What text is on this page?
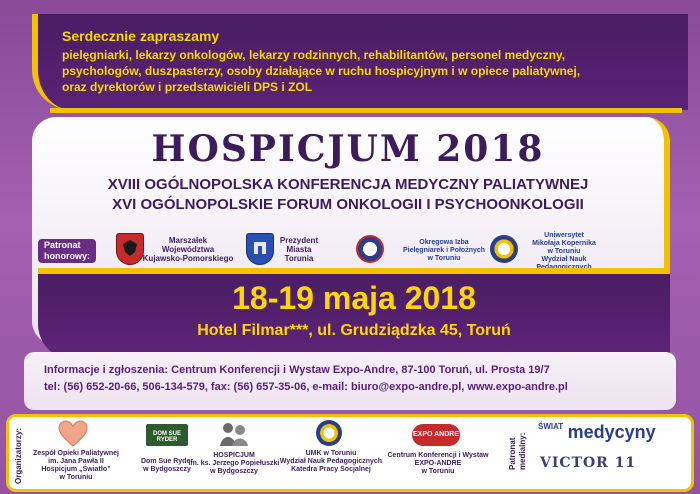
Serdecznie zapraszamy
pielęgniarki, lekarzy onkologów, lekarzy rodzinnych, rehabilitantów, personel medyczny,
psychologów, duszpasterzy, osoby działające w ruchu hospicyjnym i w opiece paliatywnej,
oraz dyrektorów i przedstawicieli DPS i ZOL
HOSPICJUM 2018
XVIII OGÓLNOPOLSKA KONFERENCJA MEDYCZNY PALIATYWNEJ
XVI OGÓLNOPOLSKIE FORUM ONKOLOGII I PSYCHOONKOLOGII
Patronat
honorowy:
Marszałek
Województwa
Kujawsko-Pomorskiego
Prezydent
Miasta
Torunia
Okręgowa Izba
Pielęgniarek i Położnych
w Toruniu
Uniwersytet
Mikołaja Kopernika
w Toruniu
Wydział Nauk
18-19 maja 2018
Hotel Filmar***, ul. Grudziądzka 45, Toruń
Informacje i zgłoszenia: Centrum Konferencji i Wystaw Expo-Andre, 87-100 Toruń, ul. Prosta 19/7
tel: (56) 652-20-66, 506-134-579, fax: (56) 657-35-06, e-mail: biuro@expo-andre.pl, www.expo-andre.pl
Organizatorzy:	Zespół Opieki Paliatywnej
im. Jana Pawła II
Hospicjum „Światło”
w Toruniu
DOM SUE RYDER
Dom Sue Ryder
w Bydgoszczy
HOSPICJUM
im. ks. Jerzego Popiełuszki
w Bydgoszczy
UMK w Toruniu
Wydział Nauk Pedagogicznych
Katedra Pracy Socjalnej
EXPO ANDRE
Centrum Konferencji i Wystaw
EXPO-ANDRE
w Toruniu
Patronat medialny:
$^{ŚWIAT}$ medycyny
VICTOR 11
